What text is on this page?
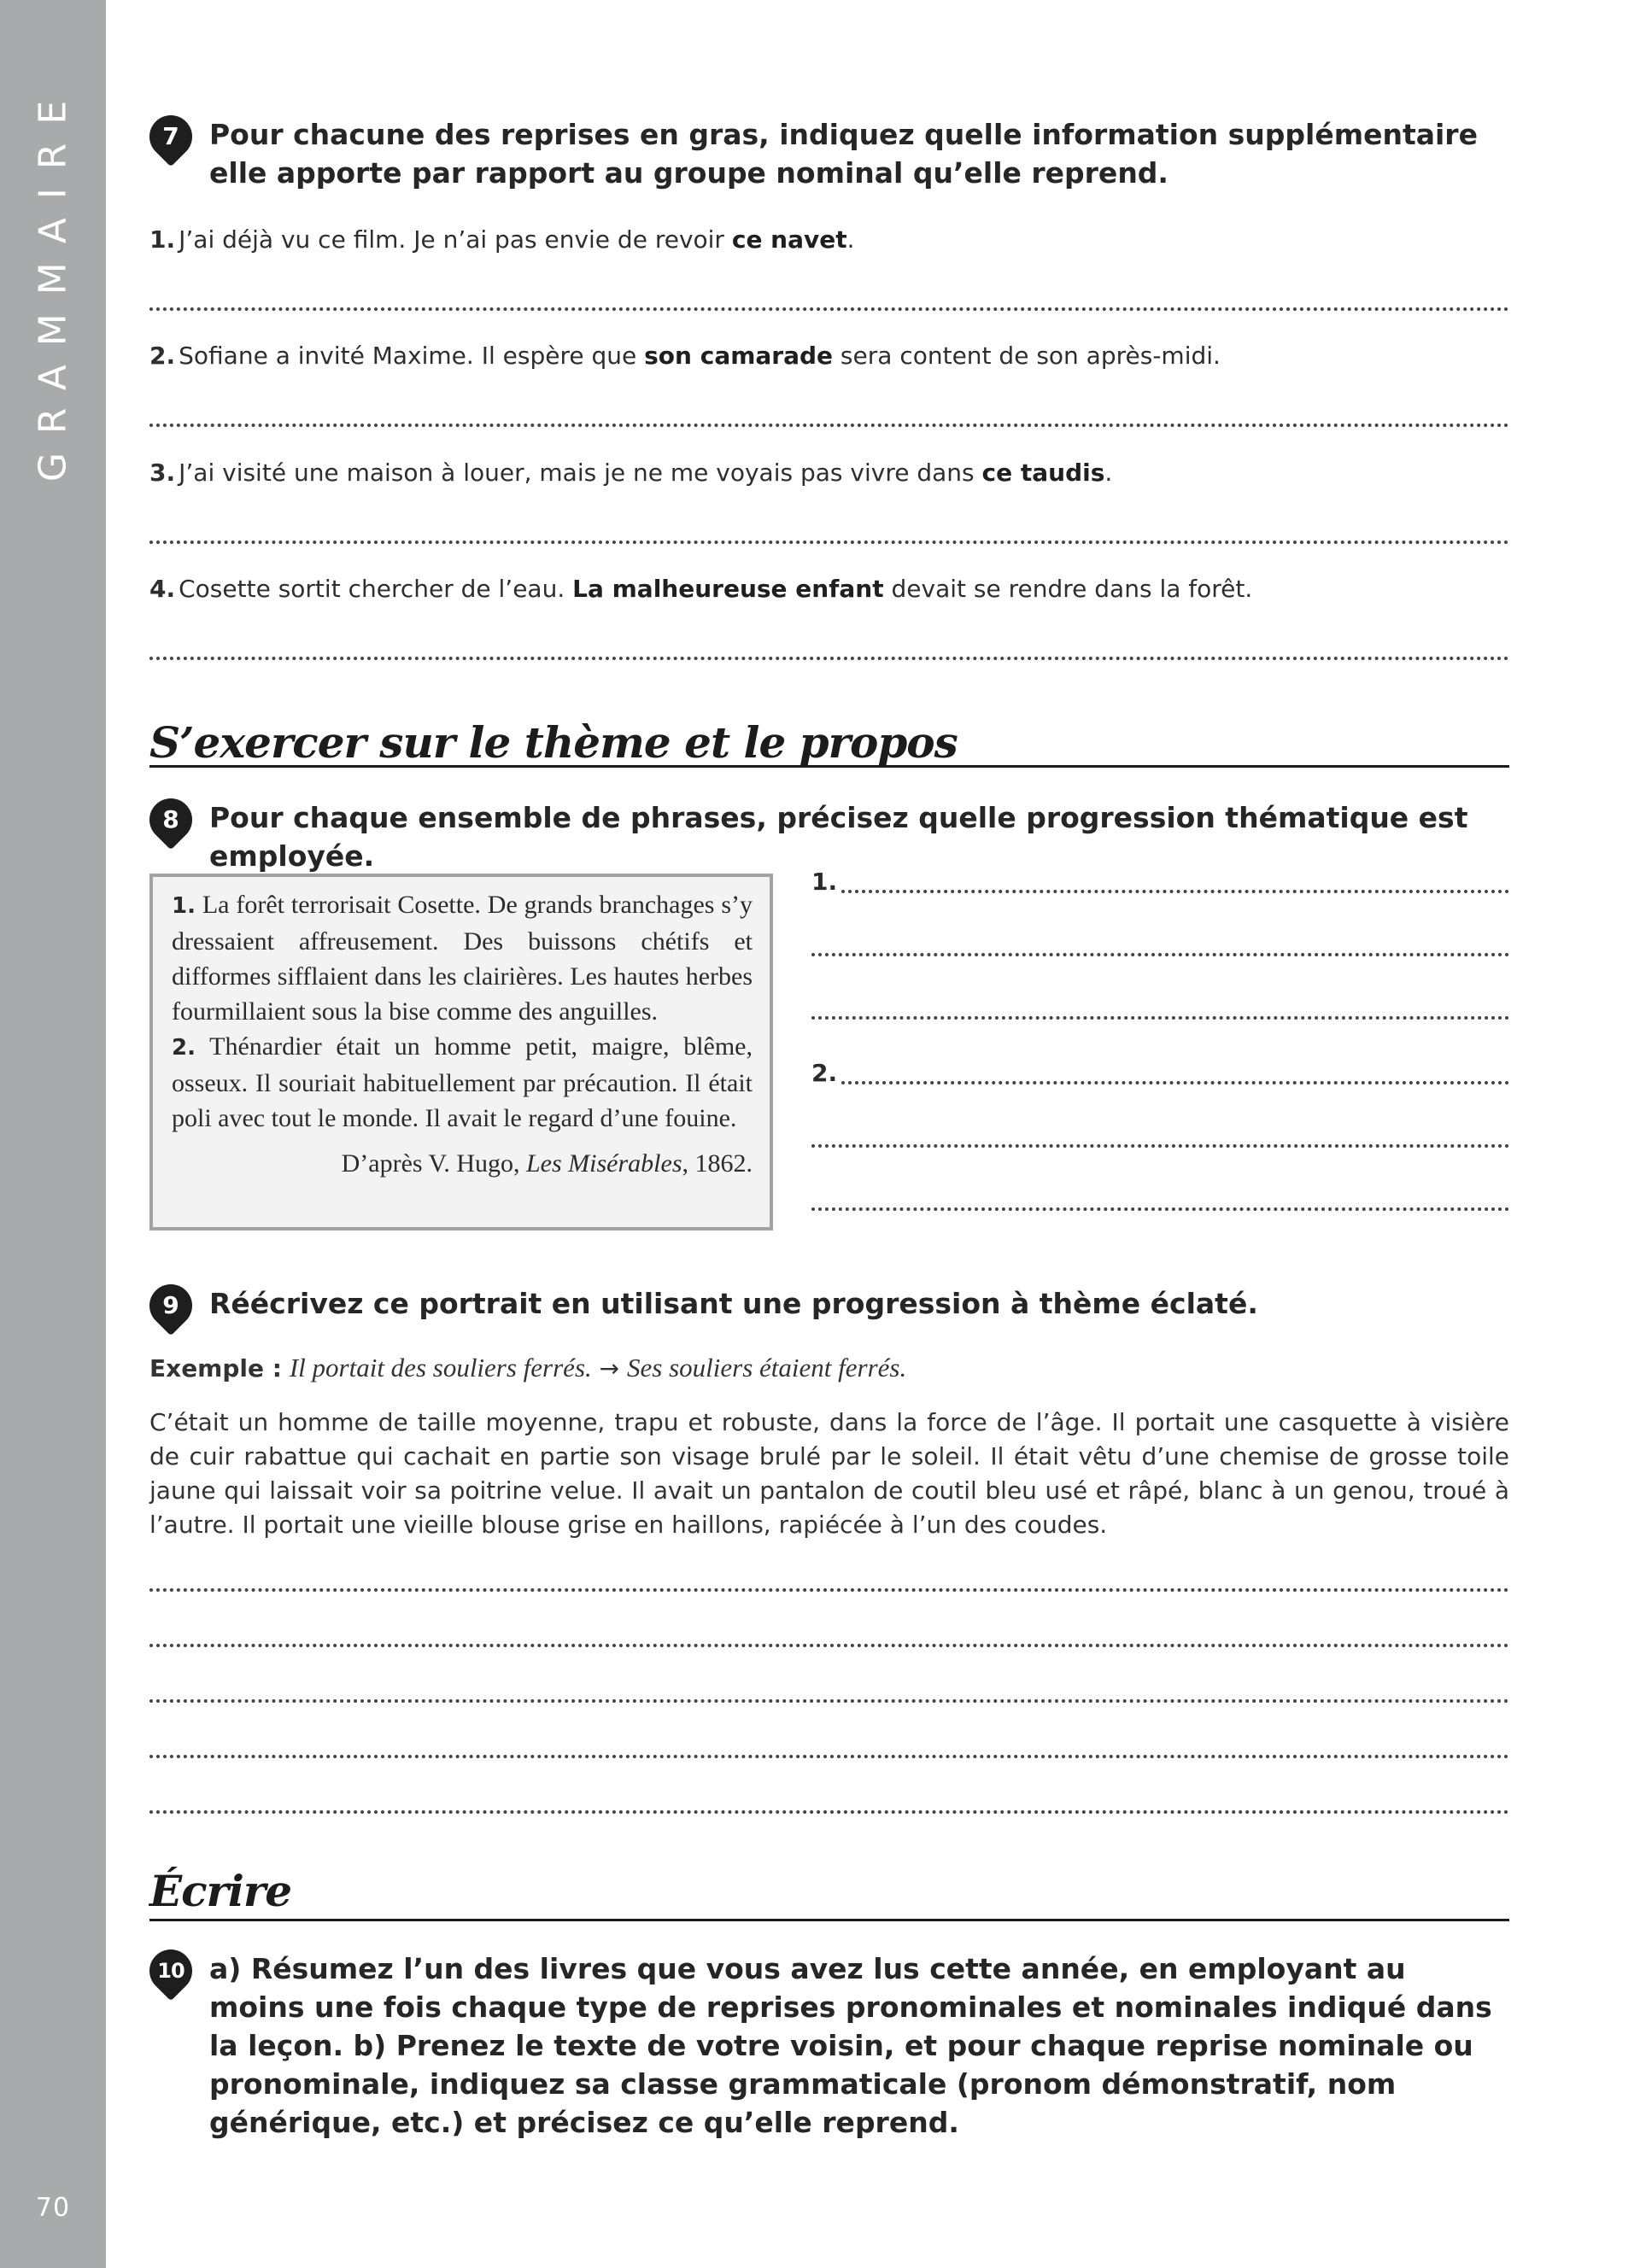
GRAMMAIRE
70
7	Pour chacune des reprises en gras, indiquez quelle information supplémentaire elle apporte par rapport au groupe nominal qu’elle reprend.
1. J’ai déjà vu ce film. Je n’ai pas envie de revoir ce navet.
2. Sofiane a invité Maxime. Il espère que son camarade sera content de son après-midi.
3. J’ai visité une maison à louer, mais je ne me voyais pas vivre dans ce taudis.
4. Cosette sortit chercher de l’eau. La malheureuse enfant devait se rendre dans la forêt.
S’exercer sur le thème et le propos
8	Pour chaque ensemble de phrases, précisez quelle progression thématique est employée.
1. La forêt terrorisait Cosette. De grands branchages s’y dressaient affreusement. Des buissons chétifs et difformes sifflaient dans les clairières. Les hautes herbes fourmillaient sous la bise comme des anguilles.
2. Thénardier était un homme petit, maigre, blême, osseux. Il souriait habituellement par précaution. Il était poli avec tout le monde. Il avait le regard d’une fouine.
D’après V. Hugo, Les Misérables, 1862.
1.
2.
9	Réécrivez ce portrait en utilisant une progression à thème éclaté.
Exemple : Il portait des souliers ferrés. → Ses souliers étaient ferrés.
C’était un homme de taille moyenne, trapu et robuste, dans la force de l’âge. Il portait une casquette à visière de cuir rabattue qui cachait en partie son visage brulé par le soleil. Il était vêtu d’une chemise de grosse toile jaune qui laissait voir sa poitrine velue. Il avait un pantalon de coutil bleu usé et râpé, blanc à un genou, troué à l’autre. Il portait une vieille blouse grise en haillons, rapiécée à l’un des coudes.
Écrire
10 a) Résumez l’un des livres que vous avez lus cette année, en employant au moins une fois chaque type de reprises pronominales et nominales indiqué dans la leçon. b) Prenez le texte de votre voisin, et pour chaque reprise nominale ou pronominale, indiquez sa classe grammaticale (pronom démonstratif, nom générique, etc.) et précisez ce qu’elle reprend.
